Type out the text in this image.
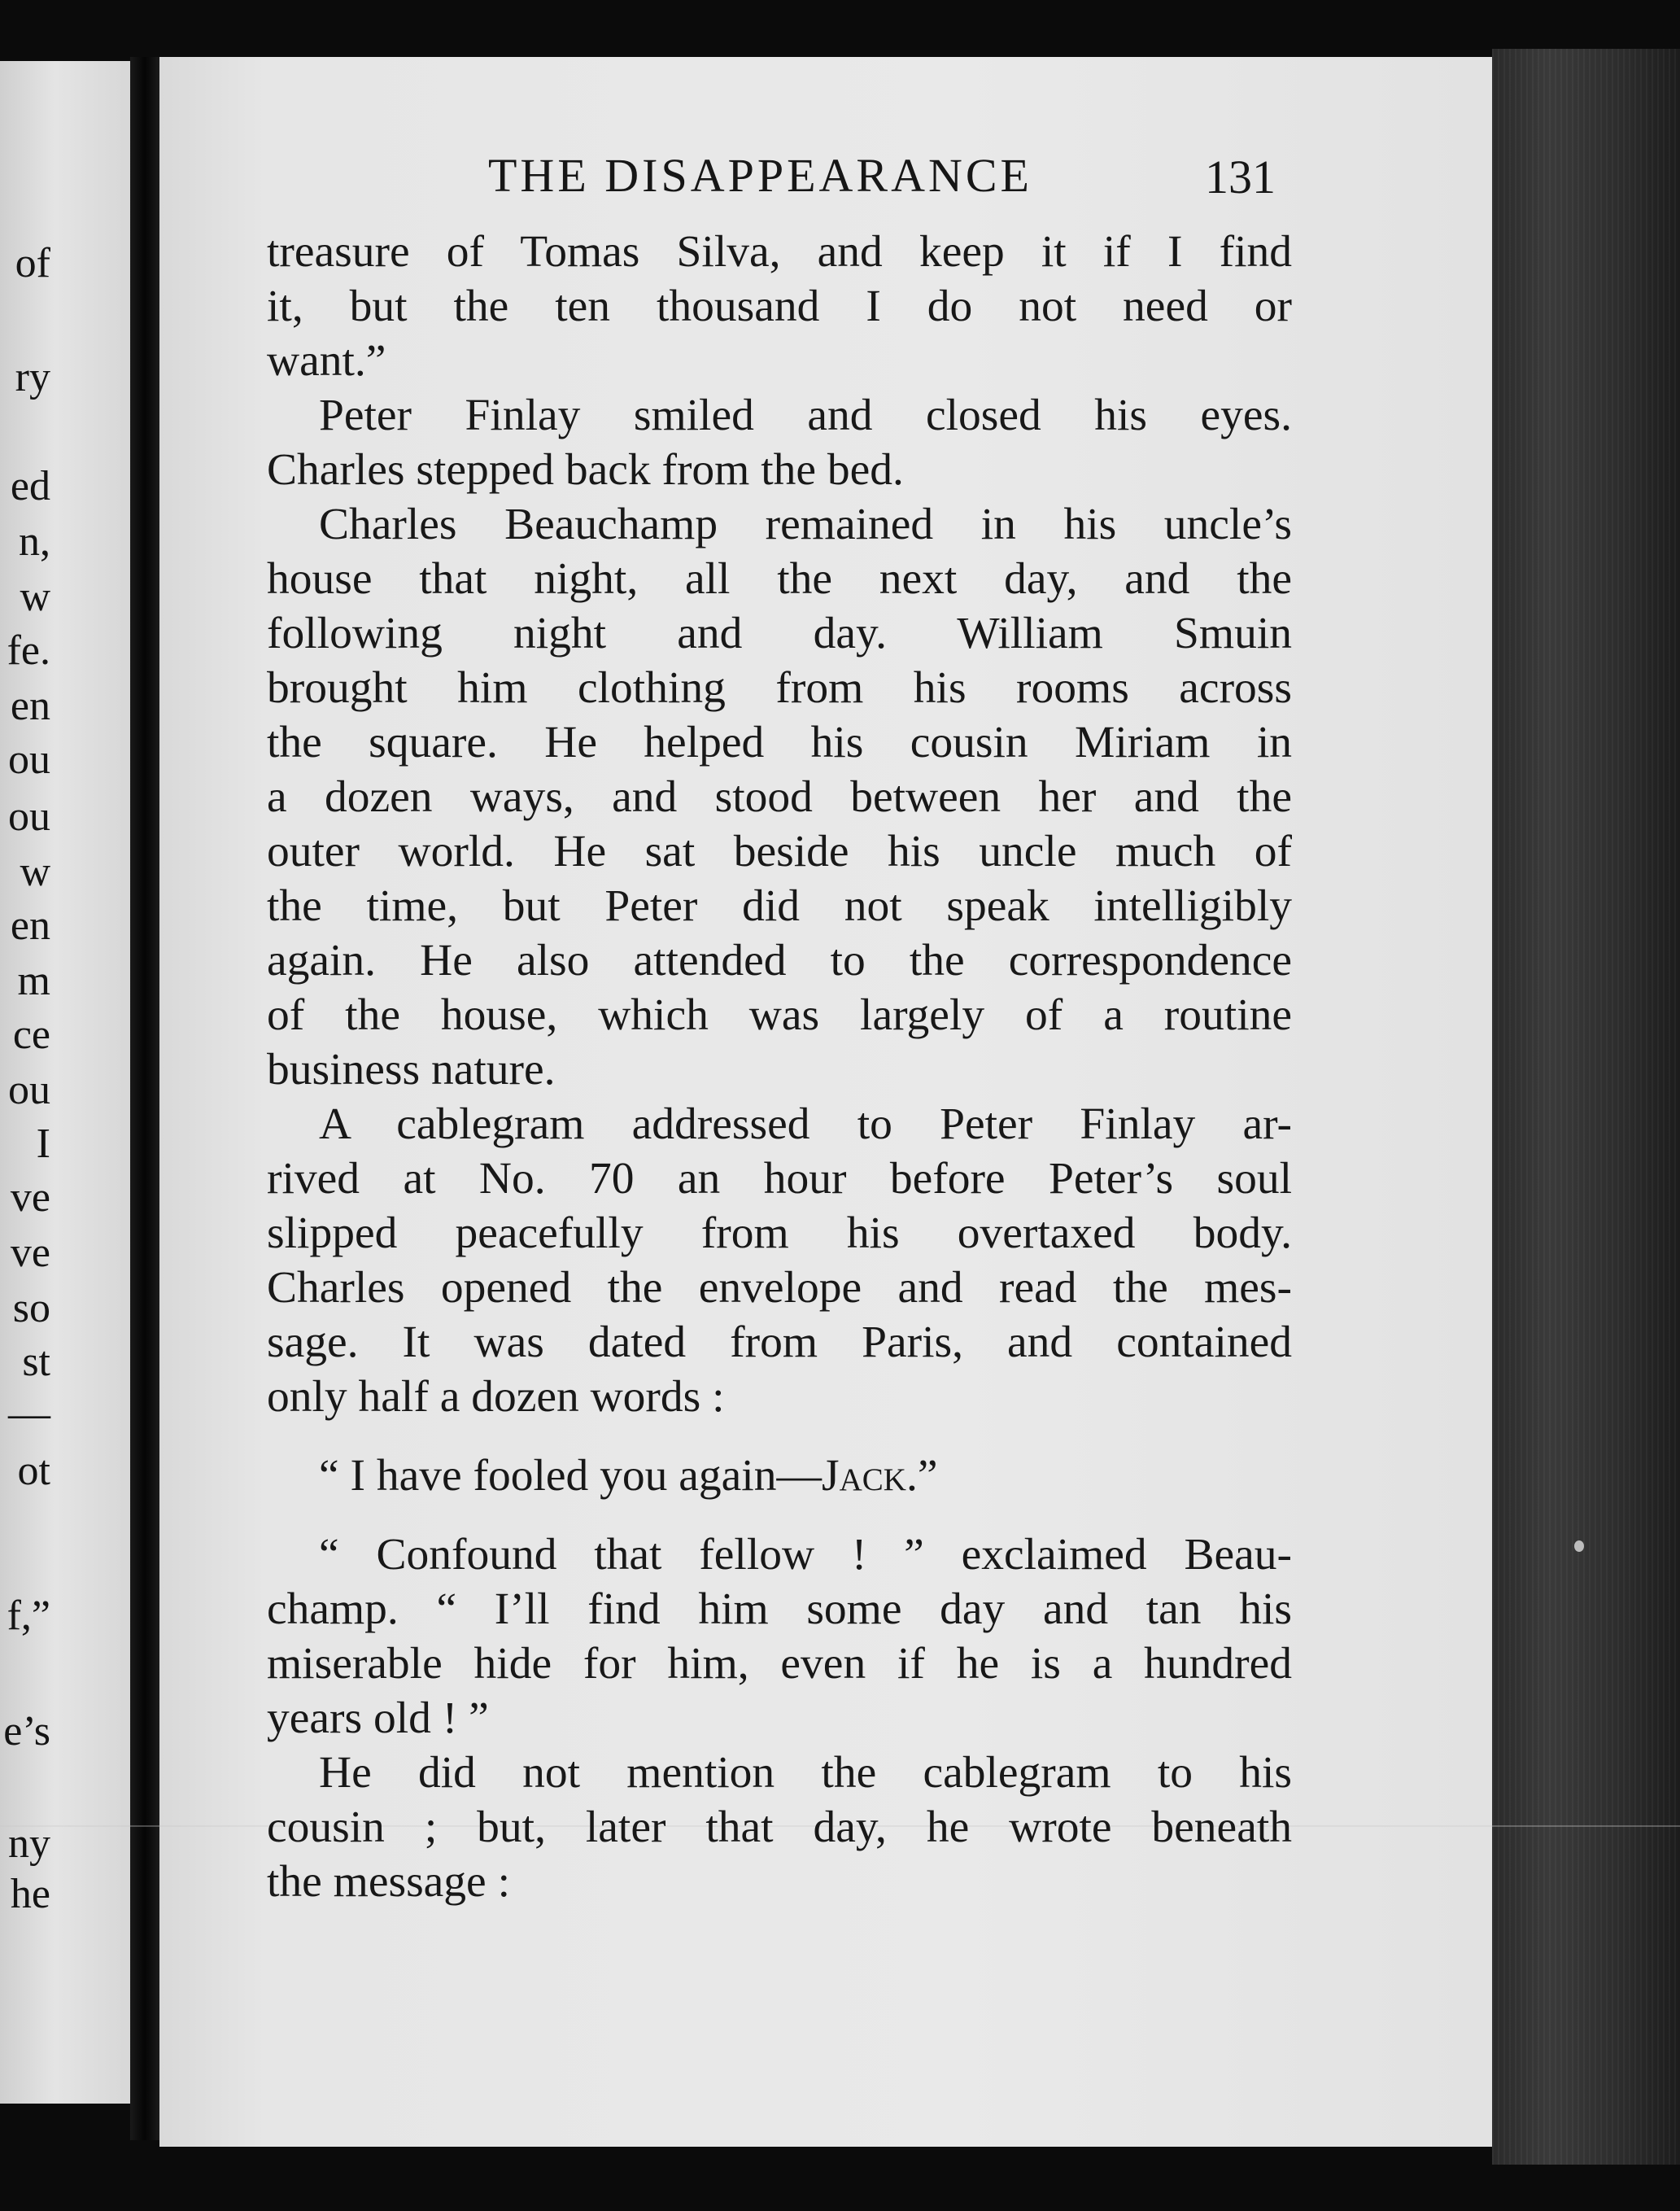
of
ry
ed
n,
w
fe.
en
ou
ou
w
en
m
ce
ou
I
ve
ve
so
st
—
ot
f,”
e’s
ny
he
THE DISAPPEARANCE	131
treasure of Tomas Silva, and keep it if I find
it, but the ten thousand I do not need or
want.”
Peter Finlay smiled and closed his eyes.
Charles stepped back from the bed.
Charles Beauchamp remained in his uncle’s
house that night, all the next day, and the
following night and day. William Smuin
brought him clothing from his rooms across
the square. He helped his cousin Miriam in
a dozen ways, and stood between her and the
outer world. He sat beside his uncle much of
the time, but Peter did not speak intelligibly
again. He also attended to the correspondence
of the house, which was largely of a routine
business nature.
A cablegram addressed to Peter Finlay ar-
rived at No. 70 an hour before Peter’s soul
slipped peacefully from his overtaxed body.
Charles opened the envelope and read the mes-
sage. It was dated from Paris, and contained
only half a dozen words :
“ I have fooled you again—Jack.”
“ Confound that fellow ! ” exclaimed Beau-
champ. “ I’ll find him some day and tan his
miserable hide for him, even if he is a hundred
years old ! ”
He did not mention the cablegram to his
cousin ; but, later that day, he wrote beneath
the message :
